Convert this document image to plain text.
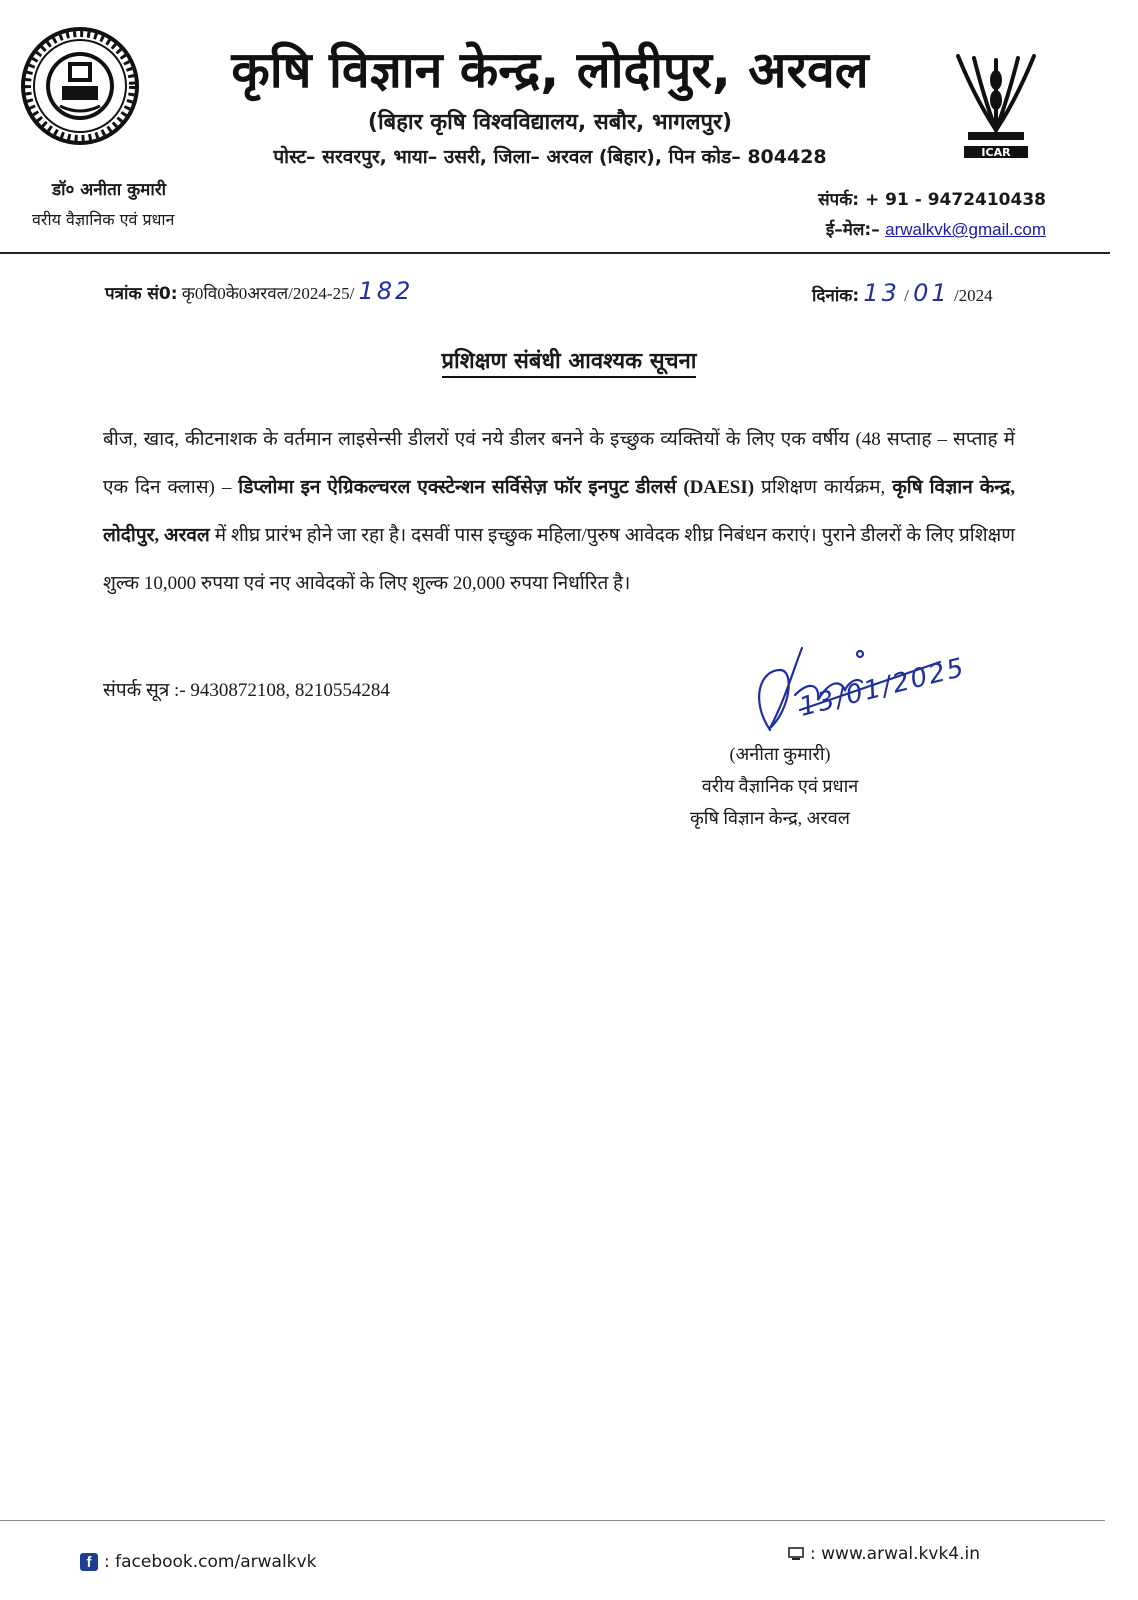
ICAR
कृषि विज्ञान केन्द्र, लोदीपुर, अरवल
(बिहार कृषि विश्वविद्यालय, सबौर, भागलपुर)
पोस्ट– सरवरपुर, भाया– उसरी, जिला– अरवल (बिहार), पिन कोड– 804428
डॉ० अनीता कुमारी
वरीय वैज्ञानिक एवं प्रधान
संपर्क: + 91 - 9472410438
ई–मेल:– arwalkvk@gmail.com
पत्रांक सं0: कृ0वि0के0अरवल/2024-25/ 182	दिनांक: 13 / 01 /2024
प्रशिक्षण संबंधी आवश्यक सूचना
बीज, खाद, कीटनाशक के वर्तमान लाइसेन्सी डीलरों एवं नये डीलर बनने के इच्छुक व्यक्तियों के लिए एक वर्षीय (48 सप्ताह – सप्ताह में एक दिन क्लास) – डिप्लोमा इन ऐग्रिकल्चरल एक्स्टेन्शन सर्विसेज़ फॉर इनपुट डीलर्स (DAESI) प्रशिक्षण कार्यक्रम, कृषि विज्ञान केन्द्र, लोदीपुर, अरवल में शीघ्र प्रारंभ होने जा रहा है। दसवीं पास इच्छुक महिला/पुरुष आवेदक शीघ्र निबंधन कराएं। पुराने डीलरों के लिए प्रशिक्षण शुल्क 10,000 रुपया एवं नए आवेदकों के लिए शुल्क 20,000 रुपया निर्धारित है।
संपर्क सूत्र :- 9430872108, 8210554284	13/01/2025
(अनीता कुमारी)
वरीय वैज्ञानिक एवं प्रधान
कृषि विज्ञान केन्द्र, अरवल
f : facebook.com/arwalkvk	: www.arwal.kvk4.in
